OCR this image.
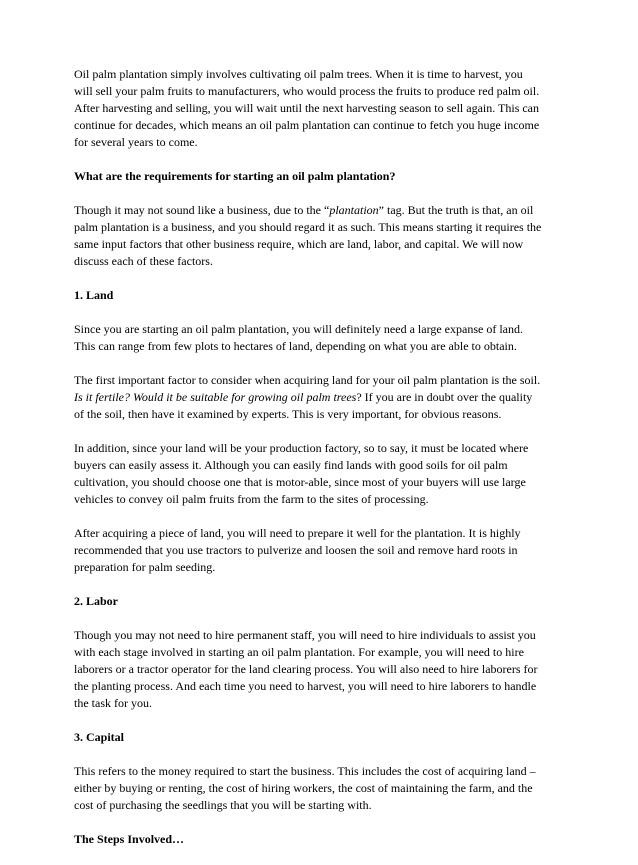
Oil palm plantation simply involves cultivating oil palm trees. When it is time to harvest, you
will sell your palm fruits to manufacturers, who would process the fruits to produce red palm oil.
After harvesting and selling, you will wait until the next harvesting season to sell again. This can
continue for decades, which means an oil palm plantation can continue to fetch you huge income
for several years to come.

What are the requirements for starting an oil palm plantation?

Though it may not sound like a business, due to the “plantation” tag. But the truth is that, an oil
palm plantation is a business, and you should regard it as such. This means starting it requires the
same input factors that other business require, which are land, labor, and capital. We will now
discuss each of these factors.

1. Land

Since you are starting an oil palm plantation, you will definitely need a large expanse of land.
This can range from few plots to hectares of land, depending on what you are able to obtain.

The first important factor to consider when acquiring land for your oil palm plantation is the soil.
Is it fertile? Would it be suitable for growing oil palm trees? If you are in doubt over the quality
of the soil, then have it examined by experts. This is very important, for obvious reasons.

In addition, since your land will be your production factory, so to say, it must be located where
buyers can easily assess it. Although you can easily find lands with good soils for oil palm
cultivation, you should choose one that is motor-able, since most of your buyers will use large
vehicles to convey oil palm fruits from the farm to the sites of processing.

After acquiring a piece of land, you will need to prepare it well for the plantation. It is highly
recommended that you use tractors to pulverize and loosen the soil and remove hard roots in
preparation for palm seeding.

2. Labor

Though you may not need to hire permanent staff, you will need to hire individuals to assist you
with each stage involved in starting an oil palm plantation. For example, you will need to hire
laborers or a tractor operator for the land clearing process. You will also need to hire laborers for
the planting process. And each time you need to harvest, you will need to hire laborers to handle
the task for you.

3. Capital

This refers to the money required to start the business. This includes the cost of acquiring land –
either by buying or renting, the cost of hiring workers, the cost of maintaining the farm, and the
cost of purchasing the seedlings that you will be starting with.

The Steps Involved…
